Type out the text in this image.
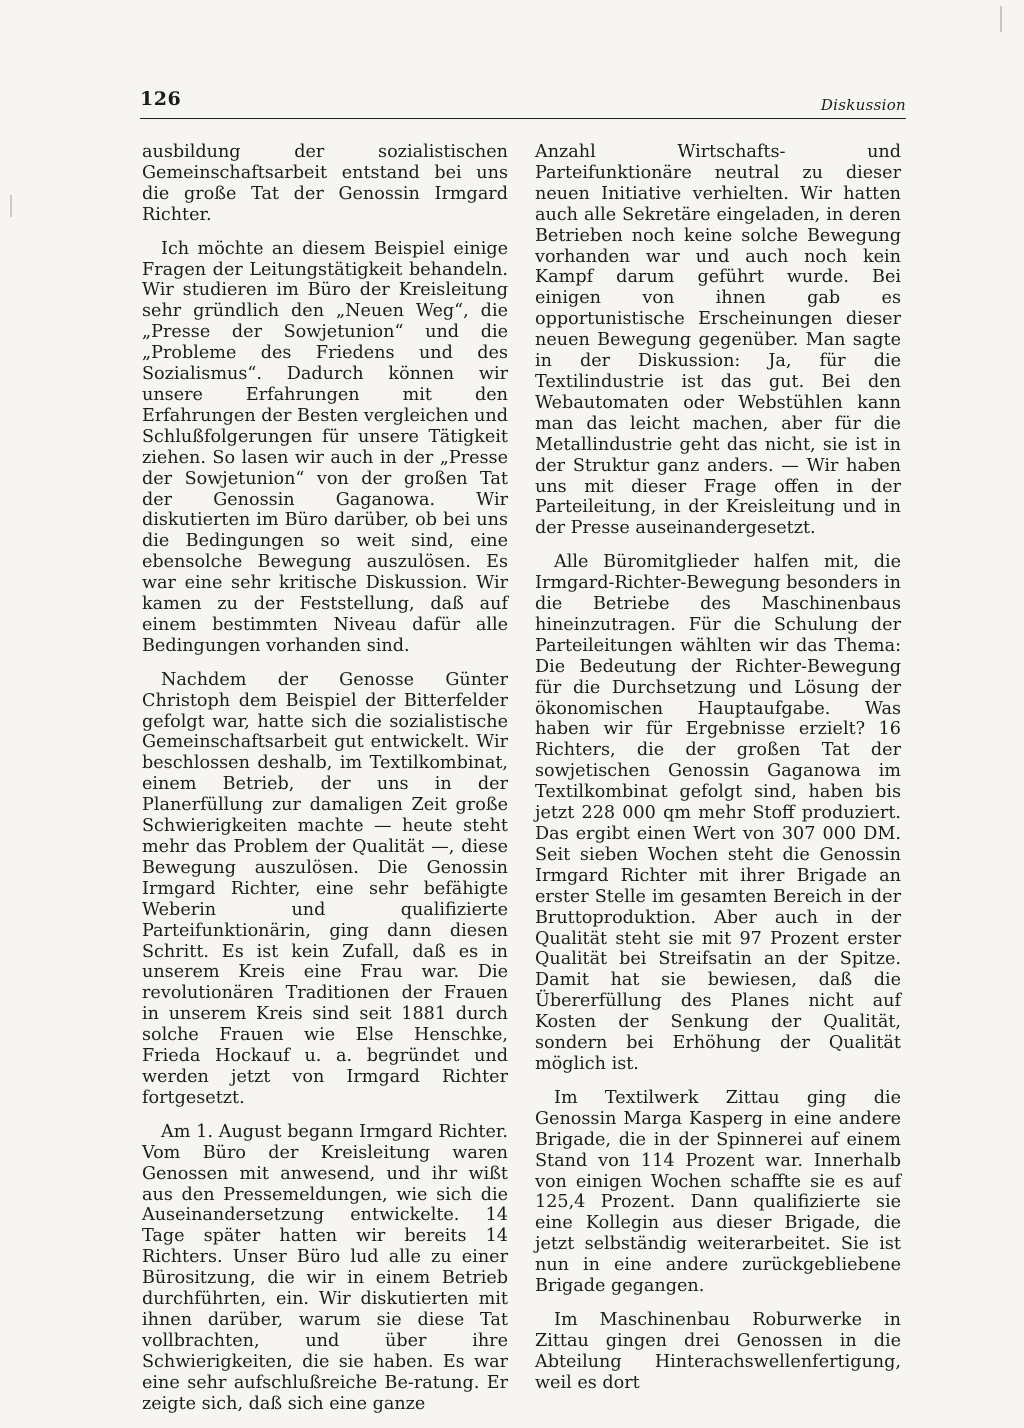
126	Diskussion

ausbildung der sozialistischen Gemeinschaftsarbeit entstand bei uns die große Tat der Genossin Irmgard Richter.

Ich möchte an diesem Beispiel einige Fragen der Leitungstätigkeit behandeln. Wir studieren im Büro der Kreisleitung sehr gründlich den „Neuen Weg“, die „Presse der Sowjetunion“ und die „Probleme des Friedens und des Sozialismus“. Dadurch können wir unsere Erfahrungen mit den Erfahrungen der Besten vergleichen und Schlußfolgerungen für unsere Tätigkeit ziehen. So lasen wir auch in der „Presse der Sowjetunion“ von der großen Tat der Genossin Gaganowa. Wir diskutierten im Büro darüber, ob bei uns die Bedingungen so weit sind, eine ebensolche Bewegung auszulösen. Es war eine sehr kritische Diskussion. Wir kamen zu der Feststellung, daß auf einem bestimmten Niveau dafür alle Bedingungen vorhanden sind.

Nachdem der Genosse Günter Christoph dem Beispiel der Bitterfelder gefolgt war, hatte sich die sozialistische Gemeinschaftsarbeit gut entwickelt. Wir beschlossen deshalb, im Textilkombinat, einem Betrieb, der uns in der Planerfüllung zur damaligen Zeit große Schwierigkeiten machte — heute steht mehr das Problem der Qualität —, diese Bewegung auszulösen. Die Genossin Irmgard Richter, eine sehr befähigte Weberin und qualifizierte Parteifunktionärin, ging dann diesen Schritt. Es ist kein Zufall, daß es in unserem Kreis eine Frau war. Die revolutionären Traditionen der Frauen in unserem Kreis sind seit 1881 durch solche Frauen wie Else Henschke, Frieda Hockauf u. a. begründet und werden jetzt von Irmgard Richter fortgesetzt.

Am 1. August begann Irmgard Richter. Vom Büro der Kreisleitung waren Genossen mit anwesend, und ihr wißt aus den Pressemeldungen, wie sich die Auseinandersetzung entwickelte. 14 Tage später hatten wir bereits 14 Richters. Unser Büro lud alle zu einer Bürositzung, die wir in einem Betrieb durchführten, ein. Wir diskutierten mit ihnen darüber, warum sie diese Tat vollbrachten, und über ihre Schwierigkeiten, die sie haben. Es war eine sehr aufschlußreiche Be-ratung. Er zeigte sich, daß sich eine ganze

Anzahl Wirtschafts- und Parteifunktionäre neutral zu dieser neuen Initiative verhielten. Wir hatten auch alle Sekretäre eingeladen, in deren Betrieben noch keine solche Bewegung vorhanden war und auch noch kein Kampf darum geführt wurde. Bei einigen von ihnen gab es opportunistische Erscheinungen dieser neuen Bewegung gegenüber. Man sagte in der Diskussion: Ja, für die Textilindustrie ist das gut. Bei den Webautomaten oder Webstühlen kann man das leicht machen, aber für die Metallindustrie geht das nicht, sie ist in der Struktur ganz anders. — Wir haben uns mit dieser Frage offen in der Parteileitung, in der Kreisleitung und in der Presse auseinandergesetzt.

Alle Büromitglieder halfen mit, die Irmgard-Richter-Bewegung besonders in die Betriebe des Maschinenbaus hineinzutragen. Für die Schulung der Parteileitungen wählten wir das Thema: Die Bedeutung der Richter-Bewegung für die Durchsetzung und Lösung der ökonomischen Hauptaufgabe. Was haben wir für Ergebnisse erzielt? 16 Richters, die der großen Tat der sowjetischen Genossin Gaganowa im Textilkombinat gefolgt sind, haben bis jetzt 228 000 qm mehr Stoff produziert. Das ergibt einen Wert von 307 000 DM. Seit sieben Wochen steht die Genossin Irmgard Richter mit ihrer Brigade an erster Stelle im gesamten Bereich in der Bruttoproduktion. Aber auch in der Qualität steht sie mit 97 Prozent erster Qualität bei Streifsatin an der Spitze. Damit hat sie bewiesen, daß die Übererfüllung des Planes nicht auf Kosten der Senkung der Qualität, sondern bei Erhöhung der Qualität möglich ist.

Im Textilwerk Zittau ging die Genossin Marga Kasperg in eine andere Brigade, die in der Spinnerei auf einem Stand von 114 Prozent war. Innerhalb von einigen Wochen schaffte sie es auf 125,4 Prozent. Dann qualifizierte sie eine Kollegin aus dieser Brigade, die jetzt selbständig weiterarbeitet. Sie ist nun in eine andere zurückgebliebene Brigade gegangen.

Im Maschinenbau Roburwerke in Zittau gingen drei Genossen in die Abteilung Hinterachswellenfertigung, weil es dort
